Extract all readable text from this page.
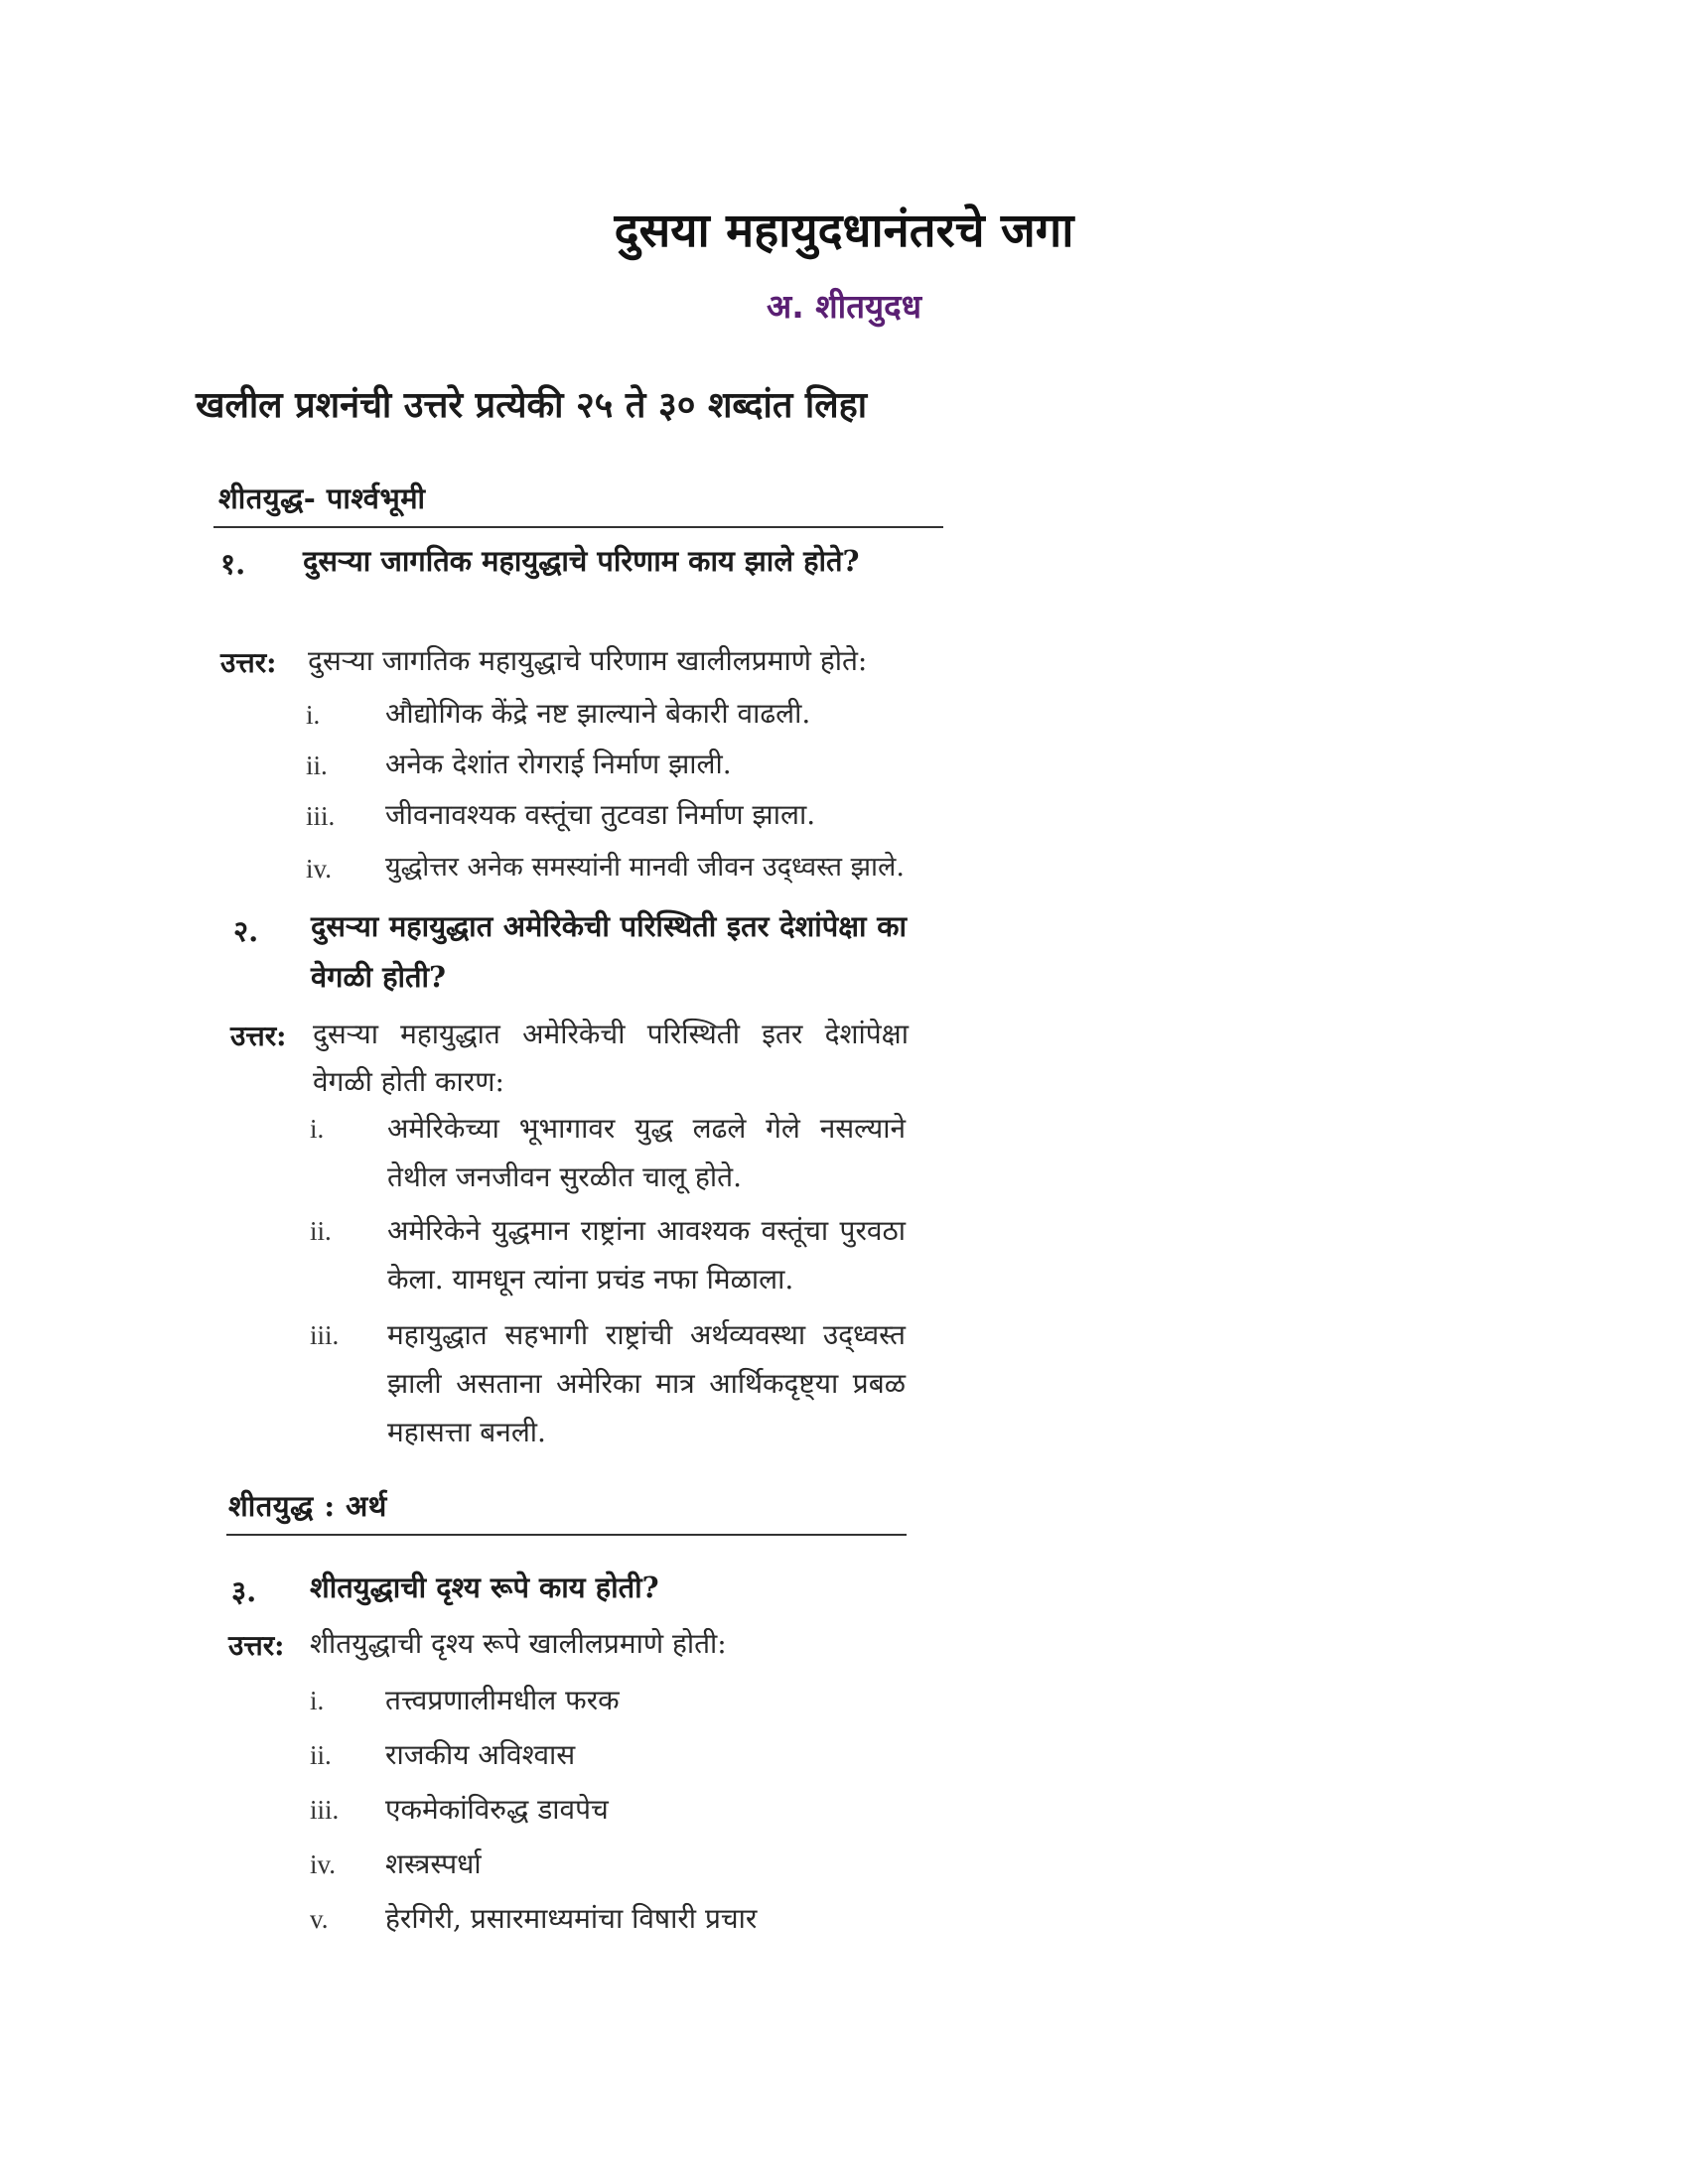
दुसया महायुदधानंतरचे जगा
अ. शीतयुदध
खलील प्रशनंची उत्तरे प्रत्येकी २५ ते ३० शब्दांत लिहा
शीतयुद्ध- पार्श्वभूमी
१. दुसऱ्या जागतिक महायुद्धाचे परिणाम काय झाले होते?
उत्तर: दुसऱ्या जागतिक महायुद्धाचे परिणाम खालीलप्रमाणे होते:
i. औद्योगिक केंद्रे नष्ट झाल्याने बेकारी वाढली.
ii. अनेक देशांत रोगराई निर्माण झाली.
iii. जीवनावश्यक वस्तूंचा तुटवडा निर्माण झाला.
iv. युद्धोत्तर अनेक समस्यांनी मानवी जीवन उद्ध्वस्त झाले.
२. दुसऱ्या महायुद्धात अमेरिकेची परिस्थिती इतर देशांपेक्षा का वेगळी होती?
उत्तर: दुसऱ्या महायुद्धात अमेरिकेची परिस्थिती इतर देशांपेक्षा वेगळी होती कारण:
i. अमेरिकेच्या भूभागावर युद्ध लढले गेले नसल्याने तेथील जनजीवन सुरळीत चालू होते.
ii. अमेरिकेने युद्धमान राष्ट्रांना आवश्यक वस्तूंचा पुरवठा केला. यामधून त्यांना प्रचंड नफा मिळाला.
iii. महायुद्धात सहभागी राष्ट्रांची अर्थव्यवस्था उद्ध्वस्त झाली असताना अमेरिका मात्र आर्थिकदृष्ट्या प्रबळ महासत्ता बनली.
शीतयुद्ध : अर्थ
३. शीतयुद्धाची दृश्य रूपे काय होती?
उत्तर: शीतयुद्धाची दृश्य रूपे खालीलप्रमाणे होती:
i. तत्त्वप्रणालीमधील फरक
ii. राजकीय अविश्वास
iii. एकमेकांविरुद्ध डावपेच
iv. शस्त्रस्पर्धा
v. हेरगिरी, प्रसारमाध्यमांचा विषारी प्रचार
